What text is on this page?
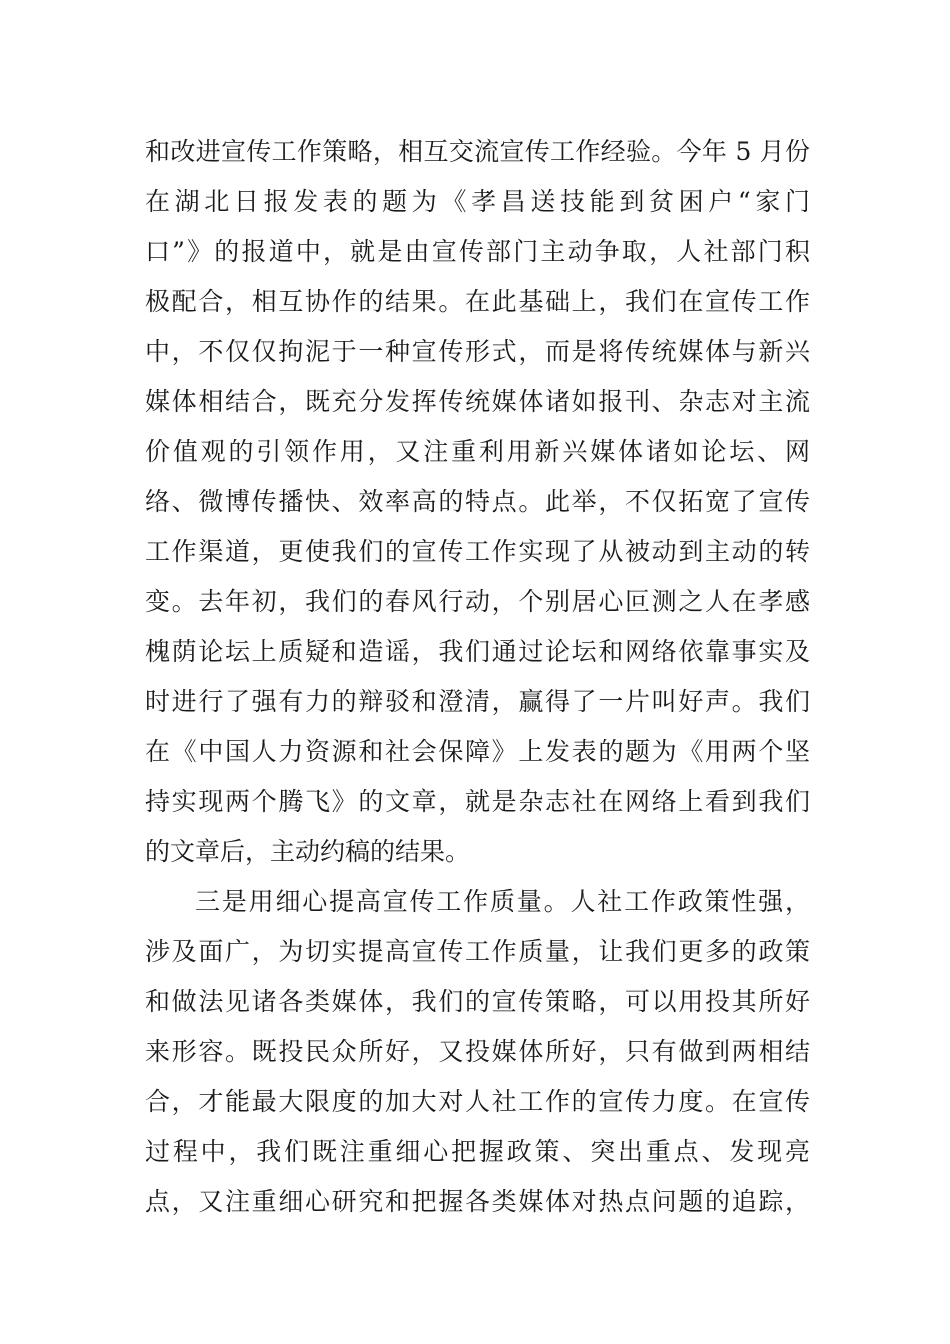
和改进宣传工作策略，相互交流宣传工作经验。今年 5 月份
在湖北日报发表的题为《孝昌送技能到贫困户“家门
口”》的报道中，就是由宣传部门主动争取，人社部门积
极配合，相互协作的结果。在此基础上，我们在宣传工作
中，不仅仅拘泥于一种宣传形式，而是将传统媒体与新兴
媒体相结合，既充分发挥传统媒体诸如报刊、杂志对主流
价值观的引领作用，又注重利用新兴媒体诸如论坛、网
络、微博传播快、效率高的特点。此举，不仅拓宽了宣传
工作渠道，更使我们的宣传工作实现了从被动到主动的转
变。去年初，我们的春风行动，个别居心叵测之人在孝感
槐荫论坛上质疑和造谣，我们通过论坛和网络依靠事实及
时进行了强有力的辩驳和澄清，赢得了一片叫好声。我们
在《中国人力资源和社会保障》上发表的题为《用两个坚
持实现两个腾飞》的文章，就是杂志社在网络上看到我们
的文章后，主动约稿的结果。
三是用细心提高宣传工作质量。人社工作政策性强，
涉及面广，为切实提高宣传工作质量，让我们更多的政策
和做法见诸各类媒体，我们的宣传策略，可以用投其所好
来形容。既投民众所好，又投媒体所好，只有做到两相结
合，才能最大限度的加大对人社工作的宣传力度。在宣传
过程中，我们既注重细心把握政策、突出重点、发现亮
点，又注重细心研究和把握各类媒体对热点问题的追踪，
